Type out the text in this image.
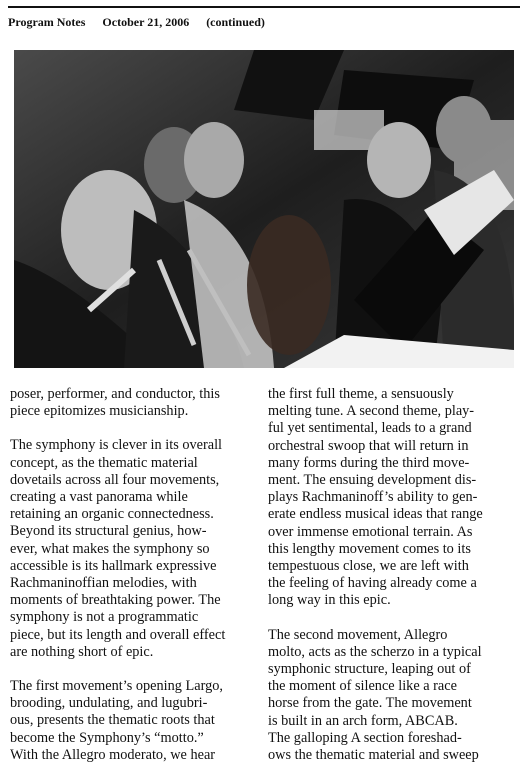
Program Notes October 21, 2006 (continued)

poser, performer, and conductor, this
piece epitomizes musicianship.

The symphony is clever in its overall
concept, as the thematic material
dovetails across all four movements,
creating a vast panorama while
retaining an organic connectedness.
Beyond its structural genius, how-
ever, what makes the symphony so
accessible is its hallmark expressive
Rachmaninoffian melodies, with
moments of breathtaking power. The
symphony is not a programmatic
piece, but its length and overall effect
are nothing short of epic.

The first movement’s opening Largo,
brooding, undulating, and lugubri-
ous, presents the thematic roots that
become the Symphony’s “motto.”
With the Allegro moderato, we hear

the first full theme, a sensuously
melting tune. A second theme, play-
ful yet sentimental, leads to a grand
orchestral swoop that will return in
many forms during the third move-
ment. The ensuing development dis-
plays Rachmaninoff’s ability to gen-
erate endless musical ideas that range
over immense emotional terrain. As
this lengthy movement comes to its
tempestuous close, we are left with
the feeling of having already come a
long way in this epic.

The second movement, Allegro
molto, acts as the scherzo in a typical
symphonic structure, leaping out of
the moment of silence like a race
horse from the gate. The movement
is built in an arch form, ABCAB.
The galloping A section foreshad-
ows the thematic material and sweep
